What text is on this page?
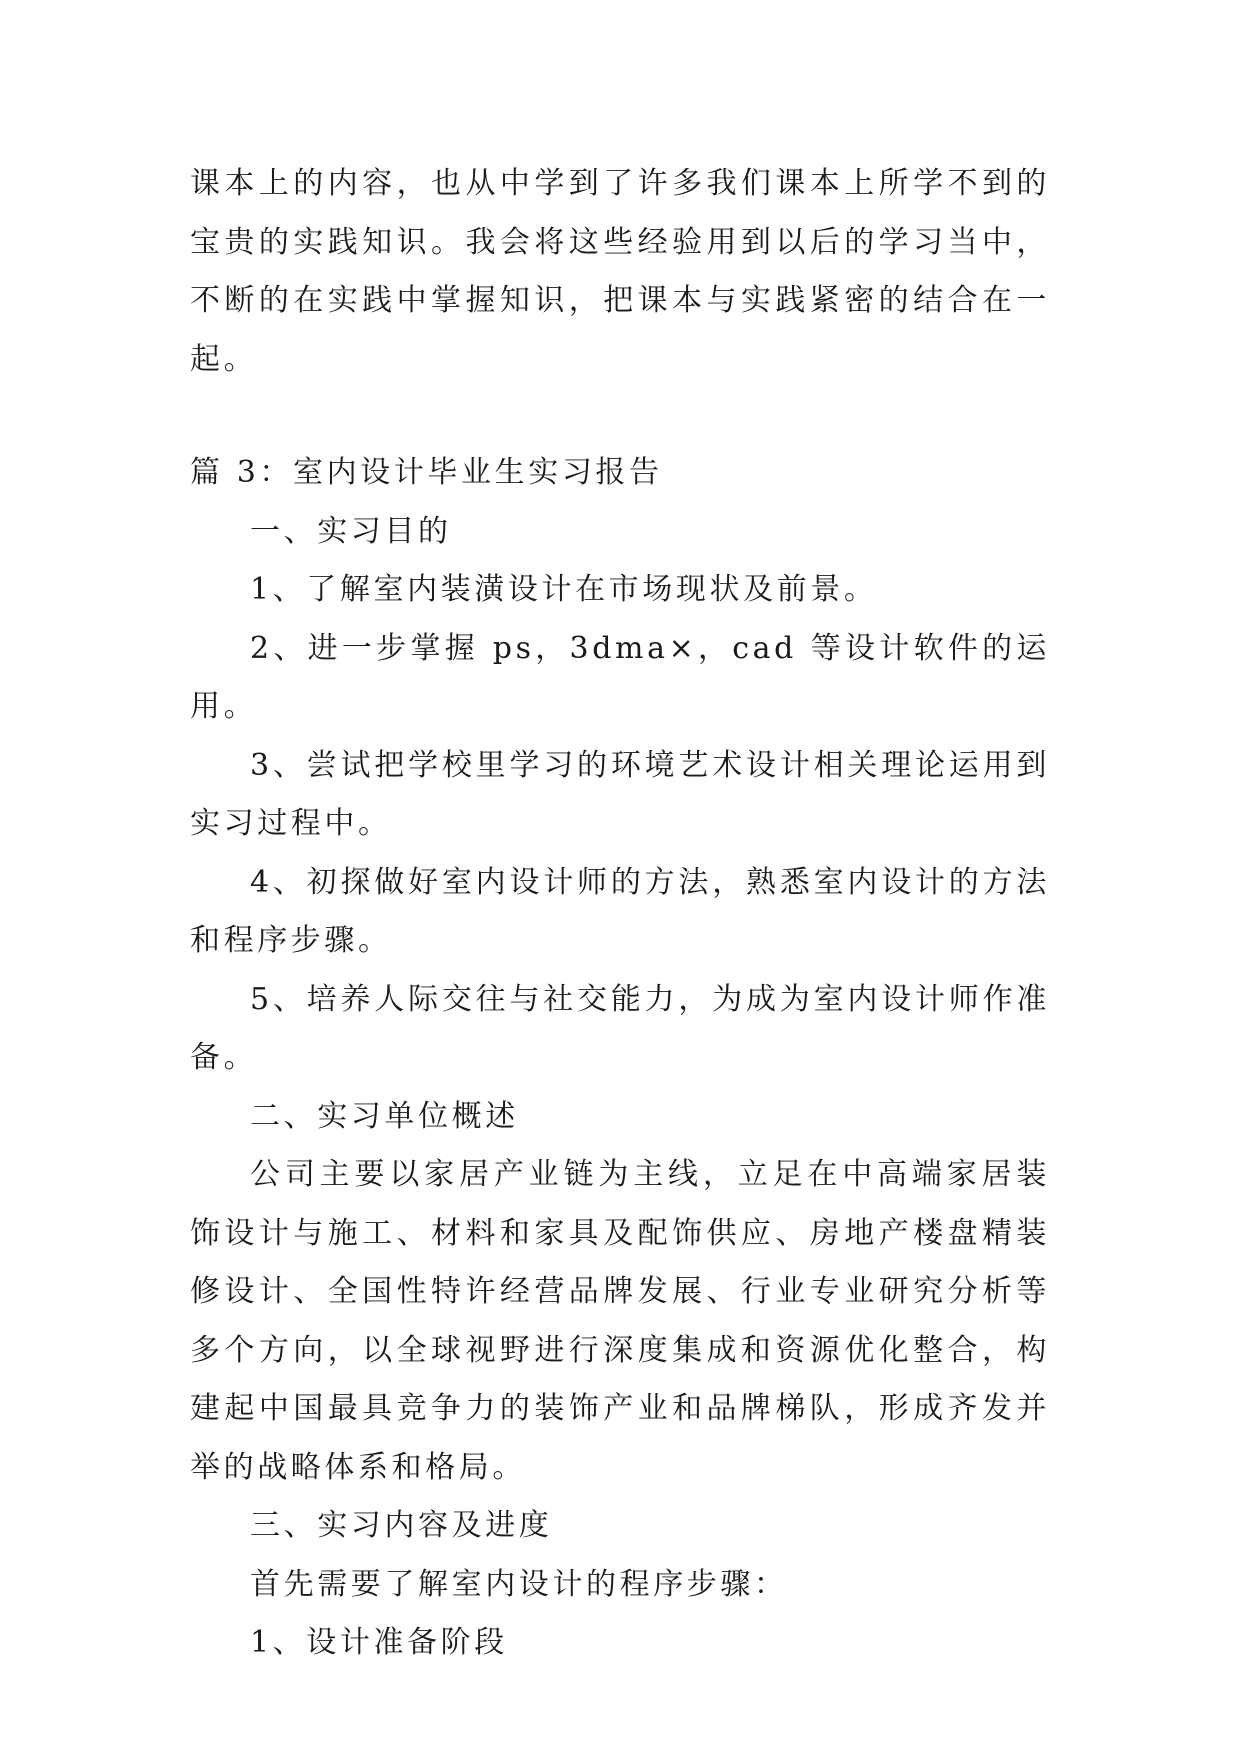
课本上的内容，也从中学到了许多我们课本上所学不到的宝贵的实践知识。我会将这些经验用到以后的学习当中，不断的在实践中掌握知识，把课本与实践紧密的结合在一起。

篇 3：室内设计毕业生实习报告

一、实习目的

1、了解室内装潢设计在市场现状及前景。

2、进一步掌握 ps，3dma×，cad 等设计软件的运用。

3、尝试把学校里学习的环境艺术设计相关理论运用到实习过程中。

4、初探做好室内设计师的方法，熟悉室内设计的方法和程序步骤。

5、培养人际交往与社交能力，为成为室内设计师作准备。

二、实习单位概述

公司主要以家居产业链为主线，立足在中高端家居装饰设计与施工、材料和家具及配饰供应、房地产楼盘精装修设计、全国性特许经营品牌发展、行业专业研究分析等多个方向，以全球视野进行深度集成和资源优化整合，构建起中国最具竞争力的装饰产业和品牌梯队，形成齐发并举的战略体系和格局。

三、实习内容及进度

首先需要了解室内设计的程序步骤：

1、设计准备阶段
